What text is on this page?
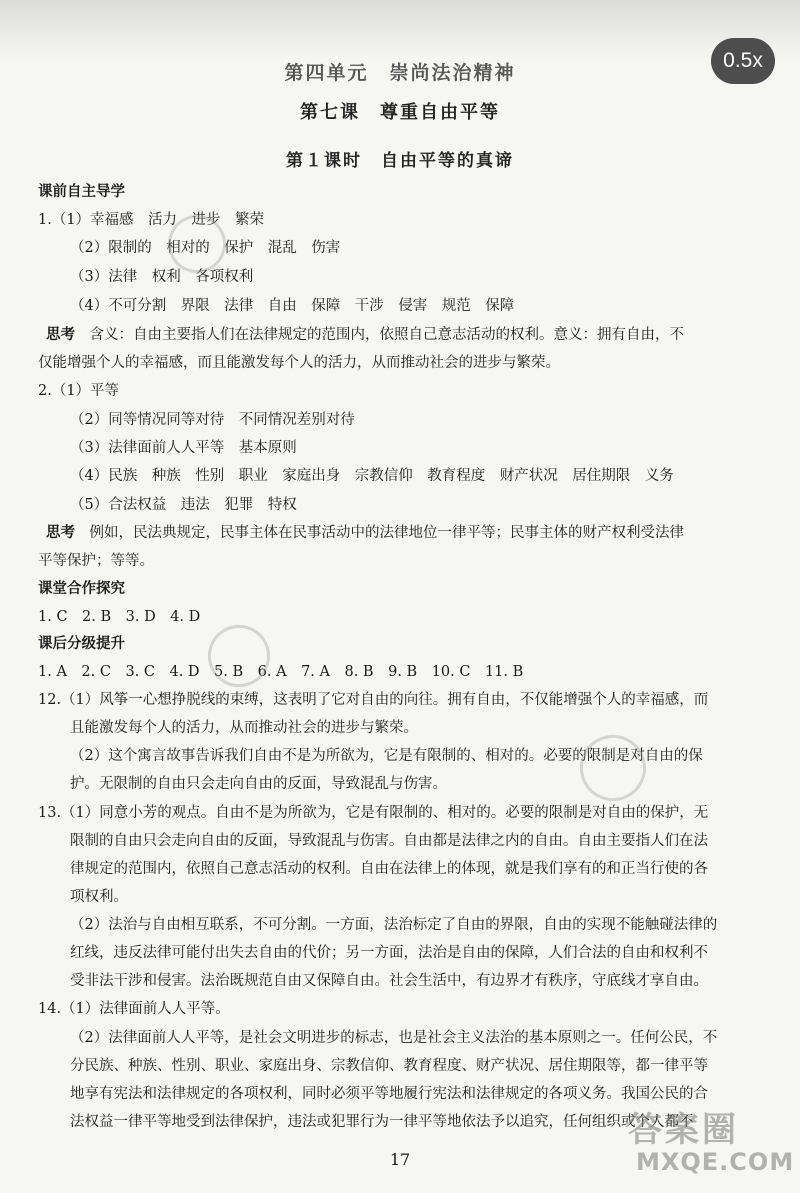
第四单元　崇尚法治精神
0.5x
第七课　尊重自由平等
第１课时　自由平等的真谛
课前自主导学
1.（1）幸福感　活力　进步　繁荣
（2）限制的　相对的　保护　混乱　伤害
（3）法律　权利　各项权利
（4）不可分割　界限　法律　自由　保障　干涉　侵害　规范　保障
思考　 含义：自由主要指人们在法律规定的范围内，依照自己意志活动的权利。意义：拥有自由，不
仅能增强个人的幸福感，而且能激发每个人的活力，从而推动社会的进步与繁荣。
2.（1）平等
（2）同等情况同等对待　不同情况差别对待
（3）法律面前人人平等　基本原则
（4）民族　种族　性别　职业　家庭出身　宗教信仰　教育程度　财产状况　居住期限　义务
（5）合法权益　违法　犯罪　特权
思考　 例如，民法典规定，民事主体在民事活动中的法律地位一律平等；民事主体的财产权利受法律
平等保护；等等。
课堂合作探究
1. C　2. B　3. D　4. D
课后分级提升
1. A　2. C　3. C　4. D　5. B　6. A　7. A　8. B　9. B　10. C　11. B
12.（1）风筝一心想挣脱线的束缚，这表明了它对自由的向往。拥有自由，不仅能增强个人的幸福感，而
且能激发每个人的活力，从而推动社会的进步与繁荣。
（2）这个寓言故事告诉我们自由不是为所欲为，它是有限制的、相对的。必要的限制是对自由的保
护。无限制的自由只会走向自由的反面，导致混乱与伤害。
13.（1）同意小芳的观点。自由不是为所欲为，它是有限制的、相对的。必要的限制是对自由的保护，无
限制的自由只会走向自由的反面，导致混乱与伤害。自由都是法律之内的自由。自由主要指人们在法
律规定的范围内，依照自己意志活动的权利。自由在法律上的体现，就是我们享有的和正当行使的各
项权利。
（2）法治与自由相互联系，不可分割。一方面，法治标定了自由的界限，自由的实现不能触碰法律的
红线，违反法律可能付出失去自由的代价；另一方面，法治是自由的保障，人们合法的自由和权利不
受非法干涉和侵害。法治既规范自由又保障自由。社会生活中，有边界才有秩序，守底线才享自由。
14.（1）法律面前人人平等。
（2）法律面前人人平等，是社会文明进步的标志，也是社会主义法治的基本原则之一。任何公民，不
分民族、种族、性别、职业、家庭出身、宗教信仰、教育程度、财产状况、居住期限等，都一律平等
地享有宪法和法律规定的各项权利，同时必须平等地履行宪法和法律规定的各项义务。我国公民的合
法权益一律平等地受到法律保护，违法或犯罪行为一律平等地依法予以追究，任何组织或个人都不
17
答案圈
MXQE.COM
